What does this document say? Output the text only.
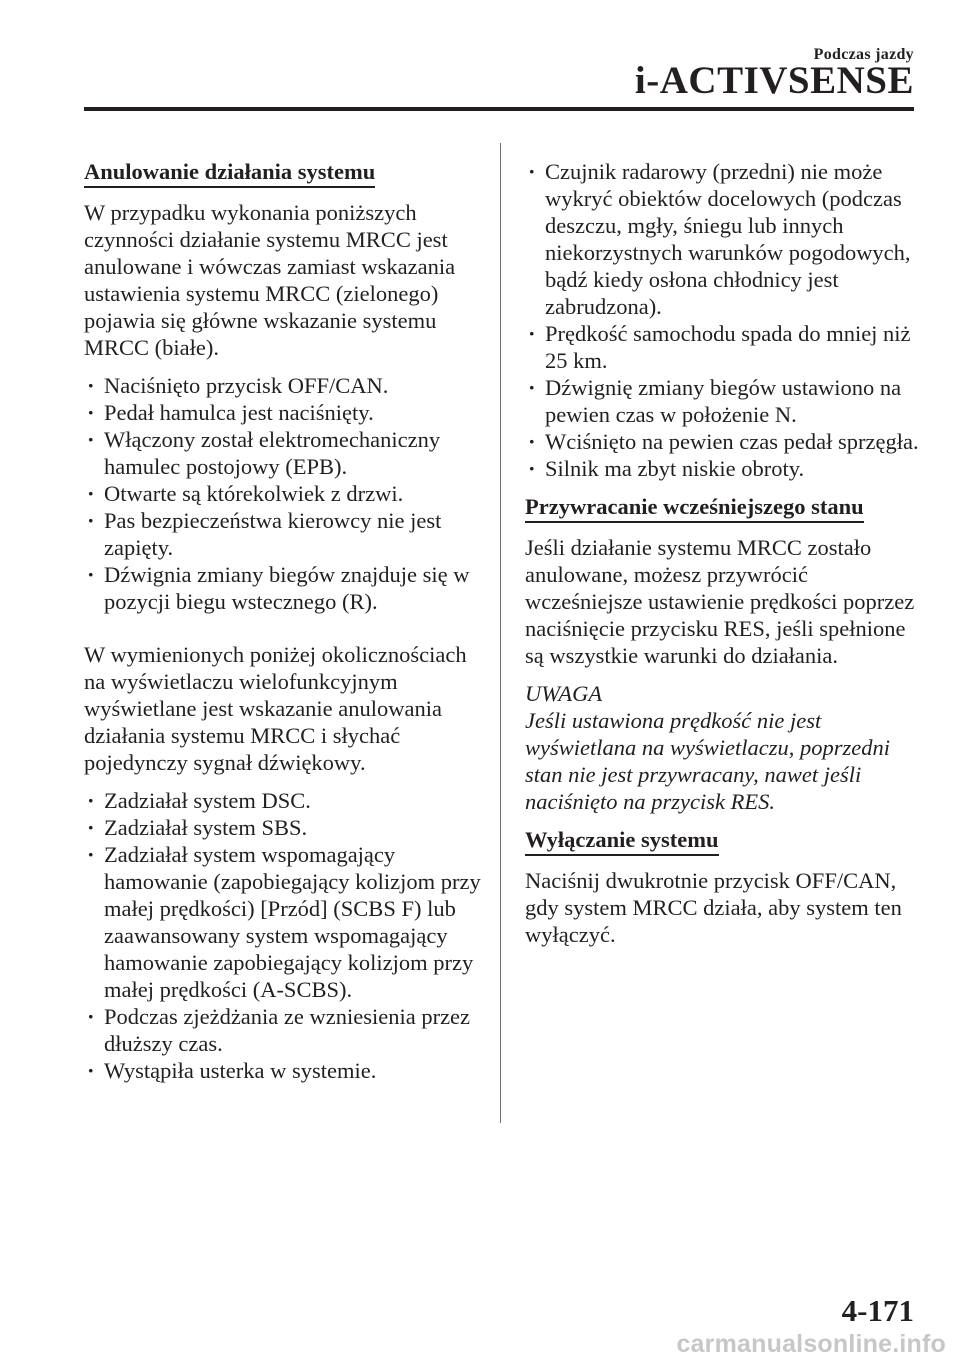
Podczas jazdy
i-ACTIVSENSE
Anulowanie działania systemu

W przypadku wykonania poniższych czynności działanie systemu MRCC jest anulowane i wówczas zamiast wskazania ustawienia systemu MRCC (zielonego) pojawia się główne wskazanie systemu MRCC (białe).

· Naciśnięto przycisk OFF/CAN.
· Pedał hamulca jest naciśnięty.
· Włączony został elektromechaniczny hamulec postojowy (EPB).
· Otwarte są którekolwiek z drzwi.
· Pas bezpieczeństwa kierowcy nie jest zapięty.
· Dźwignia zmiany biegów znajduje się w pozycji biegu wstecznego (R).

W wymienionych poniżej okolicznościach na wyświetlaczu wielofunkcyjnym wyświetlane jest wskazanie anulowania działania systemu MRCC i słychać pojedynczy sygnał dźwiękowy.

· Zadziałał system DSC.
· Zadziałał system SBS.
· Zadziałał system wspomagający hamowanie (zapobiegający kolizjom przy małej prędkości) [Przód] (SCBS F) lub zaawansowany system wspomagający hamowanie zapobiegający kolizjom przy małej prędkości (A-SCBS).
· Podczas zjeżdżania ze wzniesienia przez dłuższy czas.
· Wystąpiła usterka w systemie.
· Czujnik radarowy (przedni) nie może wykryć obiektów docelowych (podczas deszczu, mgły, śniegu lub innych niekorzystnych warunków pogodowych, bądź kiedy osłona chłodnicy jest zabrudzona).
· Prędkość samochodu spada do mniej niż 25 km.
· Dźwignię zmiany biegów ustawiono na pewien czas w położenie N.
· Wciśnięto na pewien czas pedał sprzęgła.
· Silnik ma zbyt niskie obroty.
Przywracanie wcześniejszego stanu

Jeśli działanie systemu MRCC zostało anulowane, możesz przywrócić wcześniejsze ustawienie prędkości poprzez naciśnięcie przycisku RES, jeśli spełnione są wszystkie warunki do działania.

UWAGA

Jeśli ustawiona prędkość nie jest wyświetlana na wyświetlaczu, poprzedni stan nie jest przywracany, nawet jeśli naciśnięto na przycisk RES.

Wyłączanie systemu

Naciśnij dwukrotnie przycisk OFF/CAN, gdy system MRCC działa, aby system ten wyłączyć.

4-171
carmanualsonline.info
